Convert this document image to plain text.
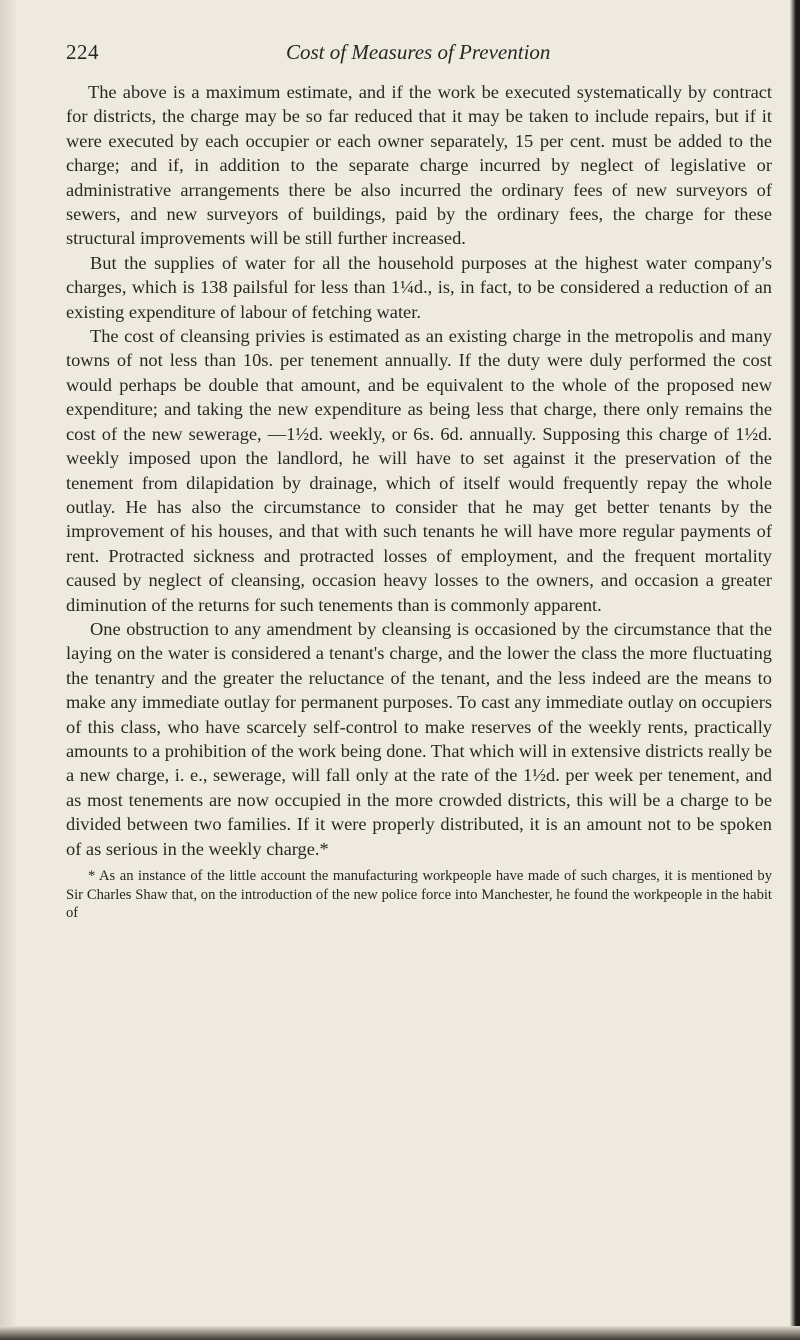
224	Cost of Measures of Prevention

The above is a maximum estimate, and if the work be executed systematically by contract for districts, the charge may be so far reduced that it may be taken to include repairs, but if it were executed by each occupier or each owner separately, 15 per cent. must be added to the charge; and if, in addition to the separate charge incurred by neglect of legislative or administrative arrangements there be also incurred the ordinary fees of new surveyors of sewers, and new surveyors of buildings, paid by the ordinary fees, the charge for these structural improvements will be still further increased.

But the supplies of water for all the household purposes at the highest water company's charges, which is 138 pailsful for less than 1¼d., is, in fact, to be considered a reduction of an existing expenditure of labour of fetching water.

The cost of cleansing privies is estimated as an existing charge in the metropolis and many towns of not less than 10s. per tenement annually. If the duty were duly performed the cost would perhaps be double that amount, and be equivalent to the whole of the proposed new expenditure; and taking the new expenditure as being less that charge, there only remains the cost of the new sewerage, —1½d. weekly, or 6s. 6d. annually. Supposing this charge of 1½d. weekly imposed upon the landlord, he will have to set against it the preservation of the tenement from dilapidation by drainage, which of itself would frequently repay the whole outlay. He has also the circumstance to consider that he may get better tenants by the improvement of his houses, and that with such tenants he will have more regular payments of rent. Protracted sickness and protracted losses of employment, and the frequent mortality caused by neglect of cleansing, occasion heavy losses to the owners, and occasion a greater diminution of the returns for such tenements than is commonly apparent.

One obstruction to any amendment by cleansing is occasioned by the circumstance that the laying on the water is considered a tenant's charge, and the lower the class the more fluctuating the tenantry and the greater the reluctance of the tenant, and the less indeed are the means to make any immediate outlay for permanent purposes. To cast any immediate outlay on occupiers of this class, who have scarcely self-control to make reserves of the weekly rents, practically amounts to a prohibition of the work being done. That which will in extensive districts really be a new charge, i. e., sewerage, will fall only at the rate of the 1½d. per week per tenement, and as most tenements are now occupied in the more crowded districts, this will be a charge to be divided between two families. If it were properly distributed, it is an amount not to be spoken of as serious in the weekly charge.*

* As an instance of the little account the manufacturing workpeople have made of such charges, it is mentioned by Sir Charles Shaw that, on the introduction of the new police force into Manchester, he found the workpeople in the habit of
